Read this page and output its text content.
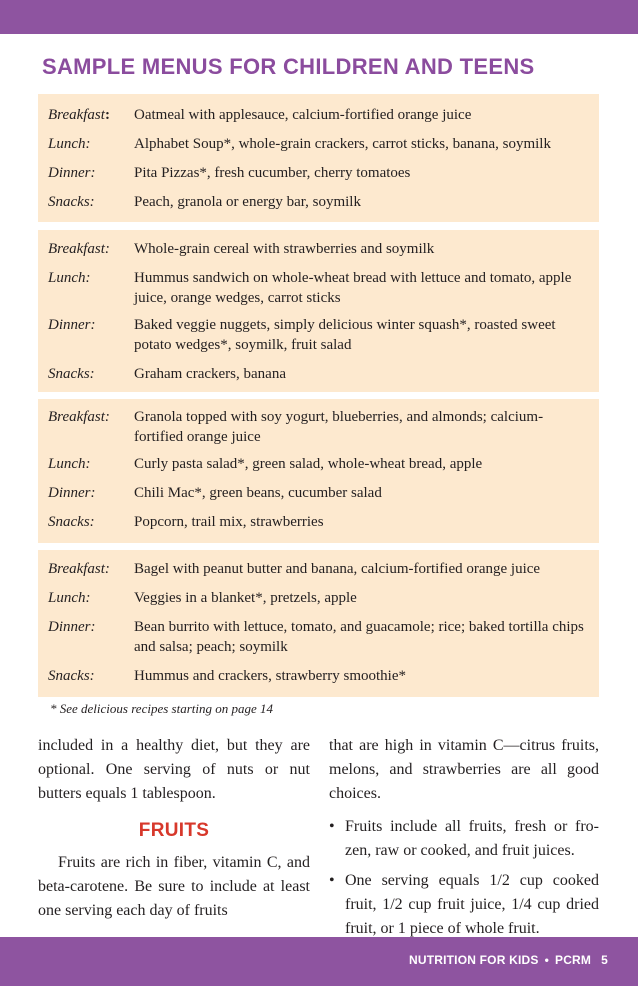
SAMPLE MENUS FOR CHILDREN AND TEENS
Breakfast:	Oatmeal with applesauce, calcium-fortified orange juice
Lunch:	Alphabet Soup*, whole-grain crackers, carrot sticks, banana, soymilk
Dinner:	Pita Pizzas*, fresh cucumber, cherry tomatoes
Snacks:	Peach, granola or energy bar, soymilk
Breakfast:	Whole-grain cereal with strawberries and soymilk
Lunch:	Hummus sandwich on whole-wheat bread with lettuce and tomato, apple juice, orange wedges, carrot sticks
Dinner:	Baked veggie nuggets, simply delicious winter squash*, roasted sweet potato wedges*, soymilk, fruit salad
Snacks:	Graham crackers, banana
Breakfast:	Granola topped with soy yogurt, blueberries, and almonds; calcium-fortified orange juice
Lunch:	Curly pasta salad*, green salad, whole-wheat bread, apple
Dinner:	Chili Mac*, green beans, cucumber salad
Snacks:	Popcorn, trail mix, strawberries
Breakfast:	Bagel with peanut butter and banana, calcium-fortified orange juice
Lunch:	Veggies in a blanket*, pretzels, apple
Dinner:	Bean burrito with lettuce, tomato, and guacamole; rice; baked tortilla chips and salsa; peach; soymilk
Snacks:	Hummus and crackers, strawberry smoothie*
* See delicious recipes starting on page 14

included in a healthy diet, but they are optional. One serving of nuts or nut butters equals 1 tablespoon.

FRUITS

Fruits are rich in fiber, vitamin C, and beta-carotene. Be sure to include at least one serving each day of fruits

that are high in vitamin C—citrus fruits, melons, and strawberries are all good choices.

• Fruits include all fruits, fresh or fro-zen, raw or cooked, and fruit juices.
• One serving equals 1/2 cup cooked fruit, 1/2 cup fruit juice, 1/4 cup dried fruit, or 1 piece of whole fruit.
NUTRITION FOR KIDS • PCRM 5
